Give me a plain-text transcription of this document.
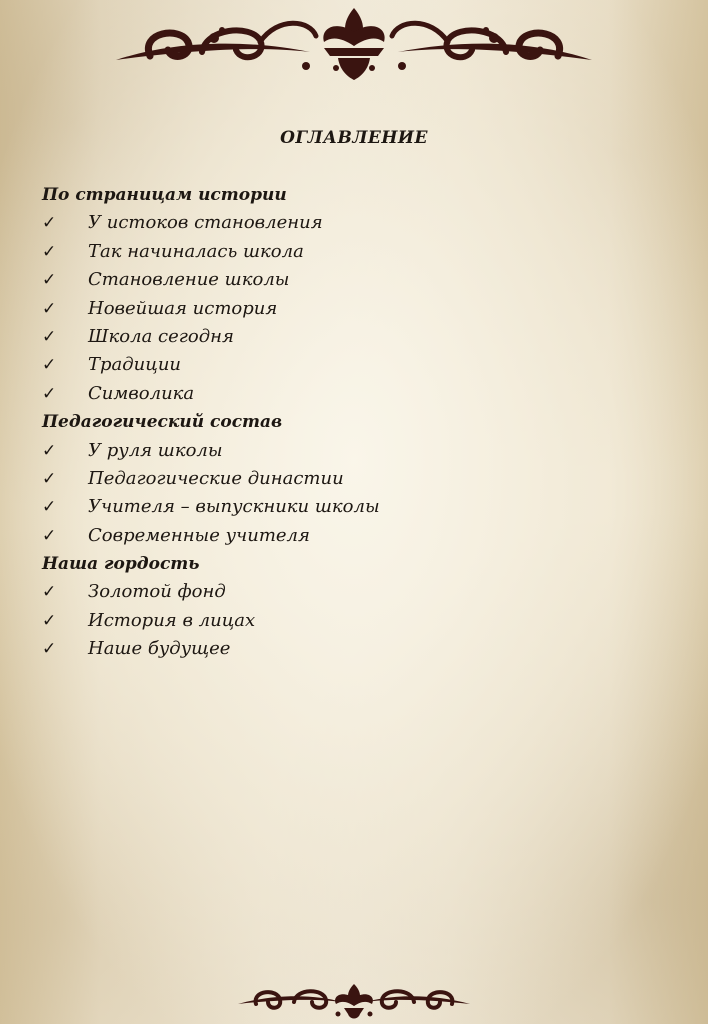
ОГЛАВЛЕНИЕ
По страницам истории
✓	У истоков становления
✓	Так начиналась школа
✓	Становление школы
✓	Новейшая история
✓	Школа сегодня
✓	Традиции
✓	Символика
Педагогический состав
✓	У руля школы
✓	Педагогические династии
✓	Учителя – выпускники школы
✓	Современные учителя
Наша гордость
✓	Золотой фонд
✓	История в лицах
✓	Наше будущее
